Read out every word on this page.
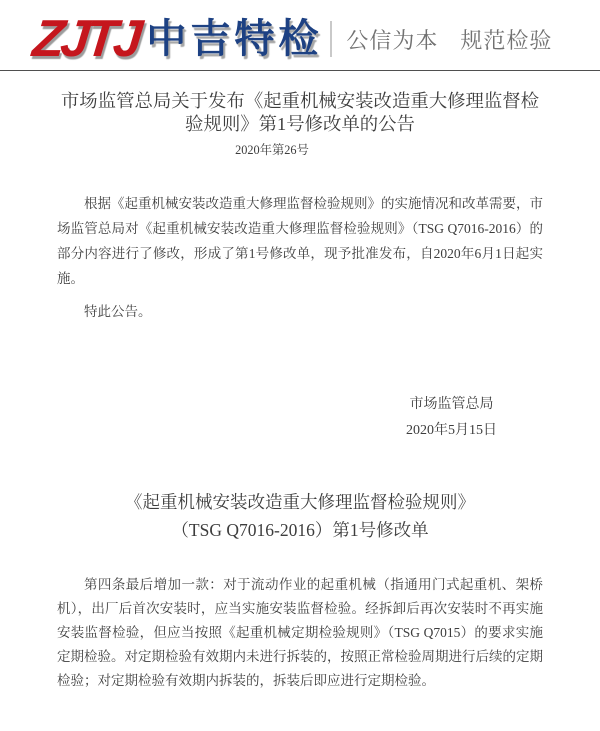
ZJTJ 中吉特检 公信为本 规范检验
市场监管总局关于发布《起重机械安装改造重大修理监督检验规则》第1号修改单的公告
2020年第26号

根据《起重机械安装改造重大修理监督检验规则》的实施情况和改革需要，市场监管总局对《起重机械安装改造重大修理监督检验规则》（TSG Q7016-2016）的部分内容进行了修改，形成了第1号修改单，现予批准发布，自2020年6月1日起实施。

特此公告。

市场监管总局
2020年5月15日
《起重机械安装改造重大修理监督检验规则》
（TSG Q7016-2016）第1号修改单

第四条最后增加一款：对于流动作业的起重机械（指通用门式起重机、架桥机），出厂后首次安装时，应当实施安装监督检验。经拆卸后再次安装时不再实施安装监督检验，但应当按照《起重机械定期检验规则》（TSG Q7015）的要求实施定期检验。对定期检验有效期内未进行拆装的，按照正常检验周期进行后续的定期检验；对定期检验有效期内拆装的，拆装后即应进行定期检验。
